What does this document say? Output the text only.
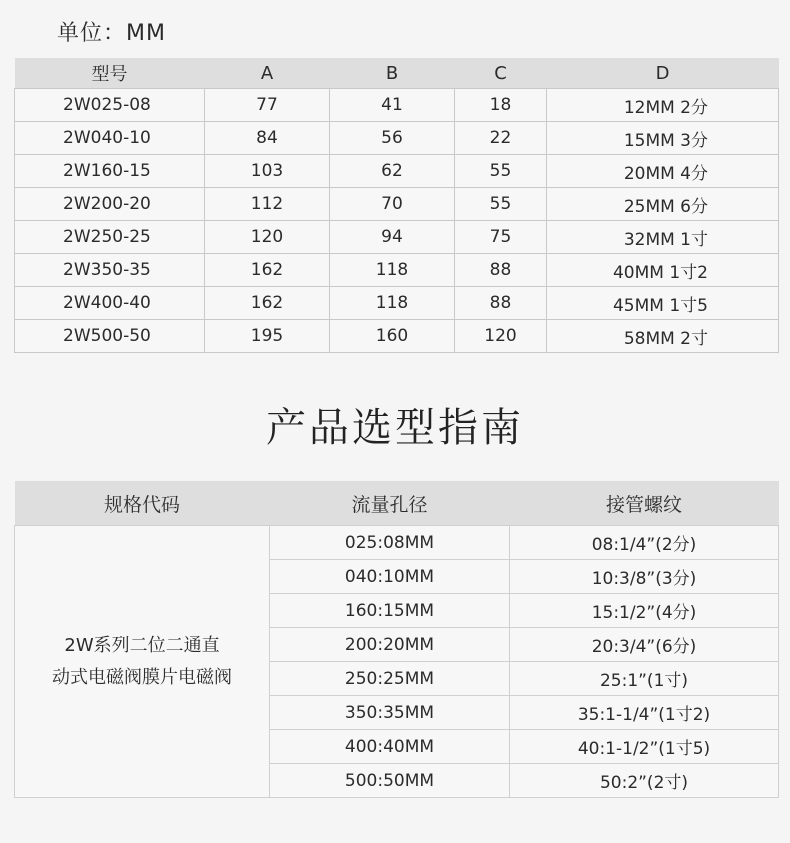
单位：MM
型号	A	B	C	D
2W025-08	77	41	18	12MM 2分
2W040-10	84	56	22	15MM 3分
2W160-15	103	62	55	20MM 4分
2W200-20	112	70	55	25MM 6分
2W250-25	120	94	75	32MM 1寸
2W350-35	162	118	88	40MM 1寸2
2W400-40	162	118	88	45MM 1寸5
2W500-50	195	160	120	58MM 2寸
产品选型指南
规格代码	流量孔径	接管螺纹

2W系列二位二通直
动式电磁阀膜片电磁阀	025:08MM	08:1/4”(2分)
	040:10MM	10:3/8”(3分)
	160:15MM	15:1/2”(4分)
	200:20MM	20:3/4”(6分)
	250:25MM	25:1”(1寸)
	350:35MM	35:1-1/4”(1寸2)
	400:40MM	40:1-1/2”(1寸5)
	500:50MM	50:2”(2寸)
